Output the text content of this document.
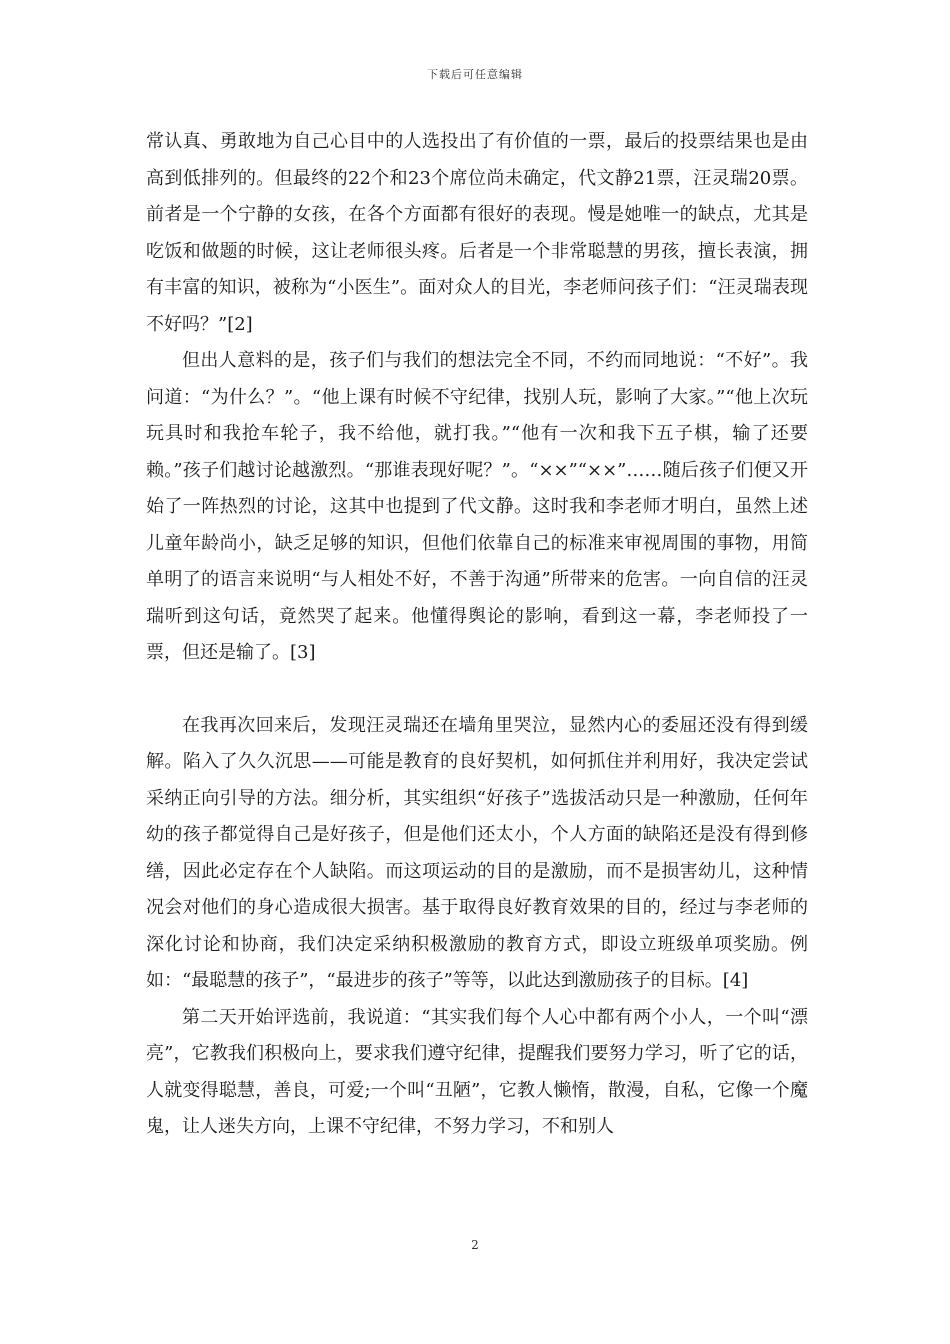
下载后可任意编辑

常认真、勇敢地为自己心目中的人选投出了有价值的一票，最后的投票结果也是由高到低排列的。但最终的22个和23个席位尚未确定，代文静21票，汪灵瑞20票。前者是一个宁静的女孩，在各个方面都有很好的表现。慢是她唯一的缺点，尤其是吃饭和做题的时候，这让老师很头疼。后者是一个非常聪慧的男孩，擅长表演，拥有丰富的知识，被称为“小医生”。面对众人的目光，李老师问孩子们：“汪灵瑞表现不好吗？”[2]

但出人意料的是，孩子们与我们的想法完全不同，不约而同地说：“不好”。我问道：“为什么？”。“他上课有时候不守纪律，找别人玩，影响了大家。”“他上次玩玩具时和我抢车轮子，我不给他，就打我。”“他有一次和我下五子棋，输了还要赖。”孩子们越讨论越激烈。“那谁表现好呢？”。“××”“××”……随后孩子们便又开始了一阵热烈的讨论，这其中也提到了代文静。这时我和李老师才明白，虽然上述儿童年龄尚小，缺乏足够的知识，但他们依靠自己的标准来审视周围的事物，用简单明了的语言来说明“与人相处不好，不善于沟通”所带来的危害。一向自信的汪灵瑞听到这句话，竟然哭了起来。他懂得舆论的影响，看到这一幕，李老师投了一票，但还是输了。[3]

在我再次回来后，发现汪灵瑞还在墙角里哭泣，显然内心的委屈还没有得到缓解。陷入了久久沉思——可能是教育的良好契机，如何抓住并利用好，我决定尝试采纳正向引导的方法。细分析，其实组织“好孩子”选拔活动只是一种激励，任何年幼的孩子都觉得自己是好孩子，但是他们还太小，个人方面的缺陷还是没有得到修缮，因此必定存在个人缺陷。而这项运动的目的是激励，而不是损害幼儿，这种情况会对他们的身心造成很大损害。基于取得良好教育效果的目的，经过与李老师的深化讨论和协商，我们决定采纳积极激励的教育方式，即设立班级单项奖励。例如：“最聪慧的孩子”，“最进步的孩子”等等，以此达到激励孩子的目标。[4]

第二天开始评选前，我说道：“其实我们每个人心中都有两个小人，一个叫“漂亮”，它教我们积极向上，要求我们遵守纪律，提醒我们要努力学习，听了它的话，人就变得聪慧，善良，可爱;一个叫“丑陋”，它教人懒惰，散漫，自私，它像一个魔鬼，让人迷失方向，上课不守纪律，不努力学习，不和别人

2
